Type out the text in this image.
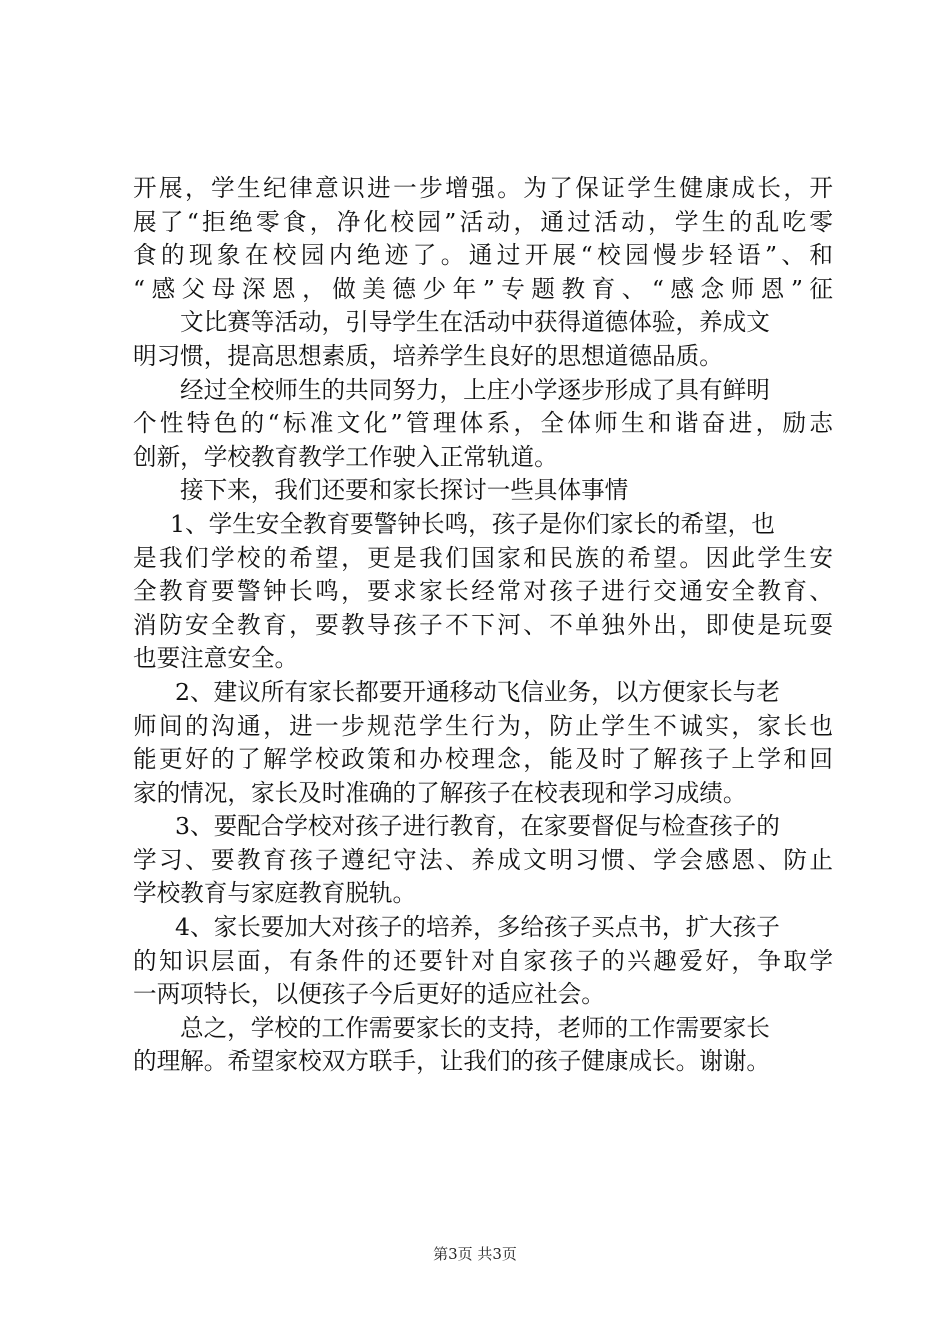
开展，学生纪律意识进一步增强。为了保证学生健康成长，开
展了“拒绝零食，净化校园”活动，通过活动，学生的乱吃零
食的现象在校园内绝迹了。通过开展“校园慢步轻语”、和
“感父母深恩，做美德少年”专题教育、“感念师恩”征
文比赛等活动，引导学生在活动中获得道德体验，养成文
明习惯，提高思想素质，培养学生良好的思想道德品质。
经过全校师生的共同努力，上庄小学逐步形成了具有鲜明
个性特色的“标准文化”管理体系，全体师生和谐奋进，励志
创新，学校教育教学工作驶入正常轨道。
接下来，我们还要和家长探讨一些具体事情
1、学生安全教育要警钟长鸣，孩子是你们家长的希望，也
是我们学校的希望，更是我们国家和民族的希望。因此学生安
全教育要警钟长鸣，要求家长经常对孩子进行交通安全教育、
消防安全教育，要教导孩子不下河、不单独外出，即使是玩耍
也要注意安全。
2、建议所有家长都要开通移动飞信业务，以方便家长与老
师间的沟通，进一步规范学生行为，防止学生不诚实，家长也
能更好的了解学校政策和办校理念，能及时了解孩子上学和回
家的情况，家长及时准确的了解孩子在校表现和学习成绩。
3、要配合学校对孩子进行教育，在家要督促与检查孩子的
学习、要教育孩子遵纪守法、养成文明习惯、学会感恩、防止
学校教育与家庭教育脱轨。
4、家长要加大对孩子的培养，多给孩子买点书，扩大孩子
的知识层面，有条件的还要针对自家孩子的兴趣爱好，争取学
一两项特长，以便孩子今后更好的适应社会。
总之，学校的工作需要家长的支持，老师的工作需要家长
的理解。希望家校双方联手，让我们的孩子健康成长。谢谢。
第3页 共3页
